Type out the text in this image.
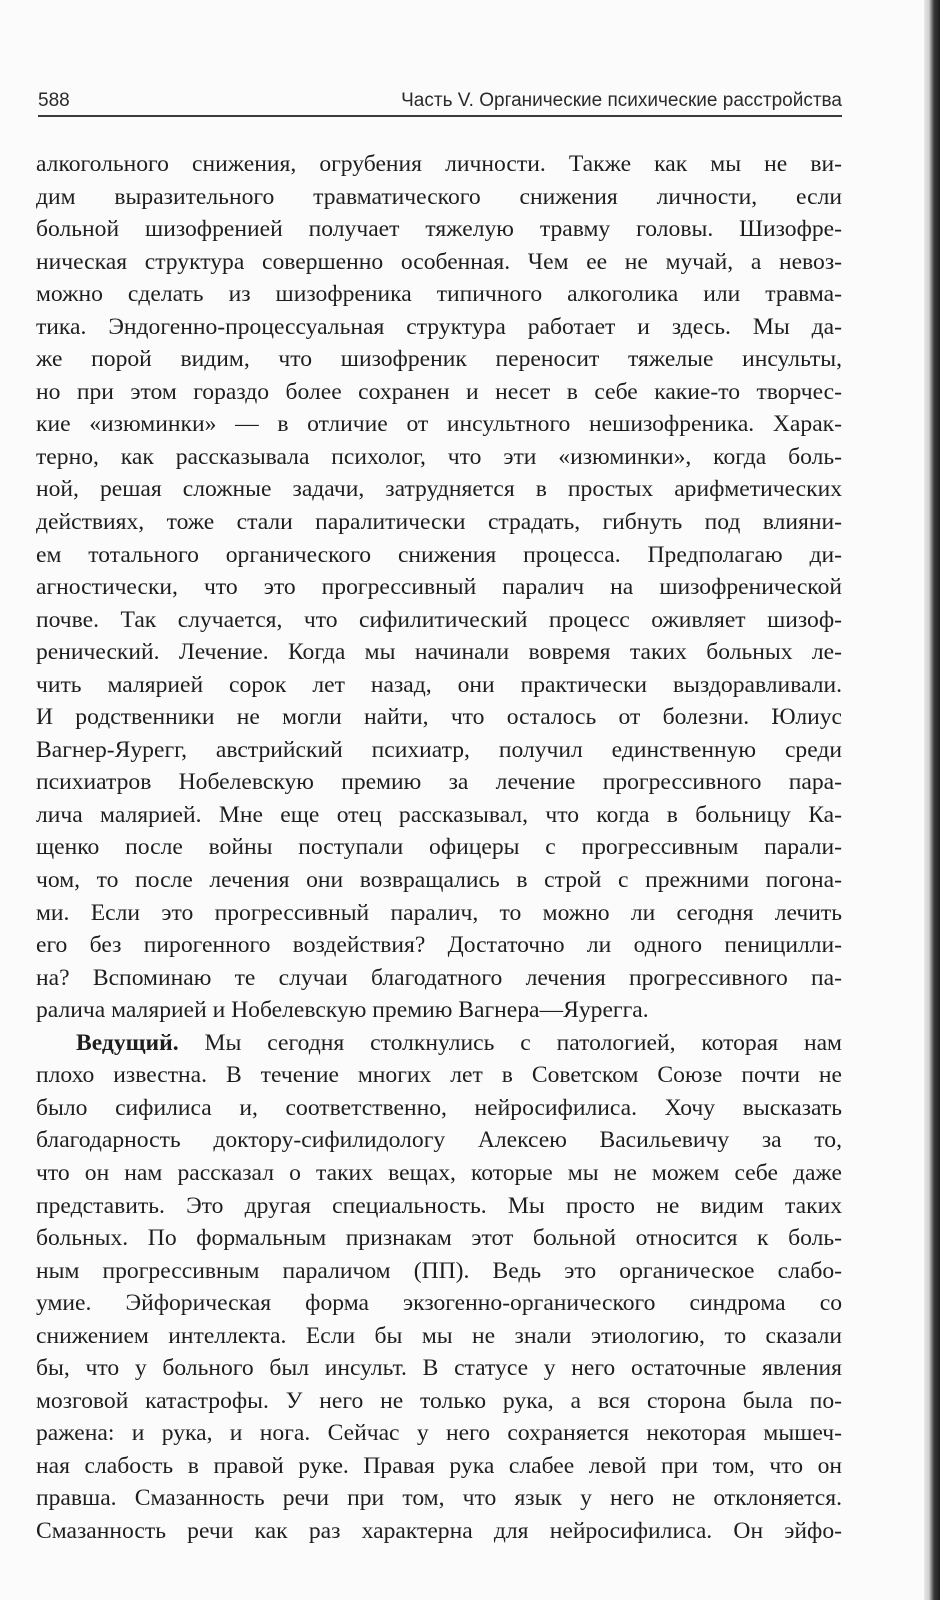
588	Часть V. Органические психические расстройства
алкогольного снижения, огрубения личности. Также как мы не ви-
дим выразительного травматического снижения личности, если
больной шизофренией получает тяжелую травму головы. Шизофре-
ническая структура совершенно особенная. Чем ее не мучай, а невоз-
можно сделать из шизофреника типичного алкоголика или травма-
тика. Эндогенно-процессуальная структура работает и здесь. Мы да-
же порой видим, что шизофреник переносит тяжелые инсульты,
но при этом гораздо более сохранен и несет в себе какие-то творчес-
кие «изюминки» — в отличие от инсультного нешизофреника. Харак-
терно, как рассказывала психолог, что эти «изюминки», когда боль-
ной, решая сложные задачи, затрудняется в простых арифметических
действиях, тоже стали паралитически страдать, гибнуть под влияни-
ем тотального органического снижения процесса. Предполагаю ди-
агностически, что это прогрессивный паралич на шизофренической
почве. Так случается, что сифилитический процесс оживляет шизоф-
ренический. Лечение. Когда мы начинали вовремя таких больных ле-
чить малярией сорок лет назад, они практически выздоравливали.
И родственники не могли найти, что осталось от болезни. Юлиус
Вагнер-Яурегг, австрийский психиатр, получил единственную среди
психиатров Нобелевскую премию за лечение прогрессивного пара-
лича малярией. Мне еще отец рассказывал, что когда в больницу Ка-
щенко после войны поступали офицеры с прогрессивным парали-
чом, то после лечения они возвращались в строй с прежними погона-
ми. Если это прогрессивный паралич, то можно ли сегодня лечить
его без пирогенного воздействия? Достаточно ли одного пеницилли-
на? Вспоминаю те случаи благодатного лечения прогрессивного па-
ралича малярией и Нобелевскую премию Вагнера—Яурегга.
Ведущий. Мы сегодня столкнулись с патологией, которая нам
плохо известна. В течение многих лет в Советском Союзе почти не
было сифилиса и, соответственно, нейросифилиса. Хочу высказать
благодарность доктору-сифилидологу Алексею Васильевичу за то,
что он нам рассказал о таких вещах, которые мы не можем себе даже
представить. Это другая специальность. Мы просто не видим таких
больных. По формальным признакам этот больной относится к боль-
ным прогрессивным параличом (ПП). Ведь это органическое слабо-
умие. Эйфорическая форма экзогенно-органического синдрома со
снижением интеллекта. Если бы мы не знали этиологию, то сказали
бы, что у больного был инсульт. В статусе у него остаточные явления
мозговой катастрофы. У него не только рука, а вся сторона была по-
ражена: и рука, и нога. Сейчас у него сохраняется некоторая мышеч-
ная слабость в правой руке. Правая рука слабее левой при том, что он
правша. Смазанность речи при том, что язык у него не отклоняется.
Смазанность речи как раз характерна для нейросифилиса. Он эйфо-
